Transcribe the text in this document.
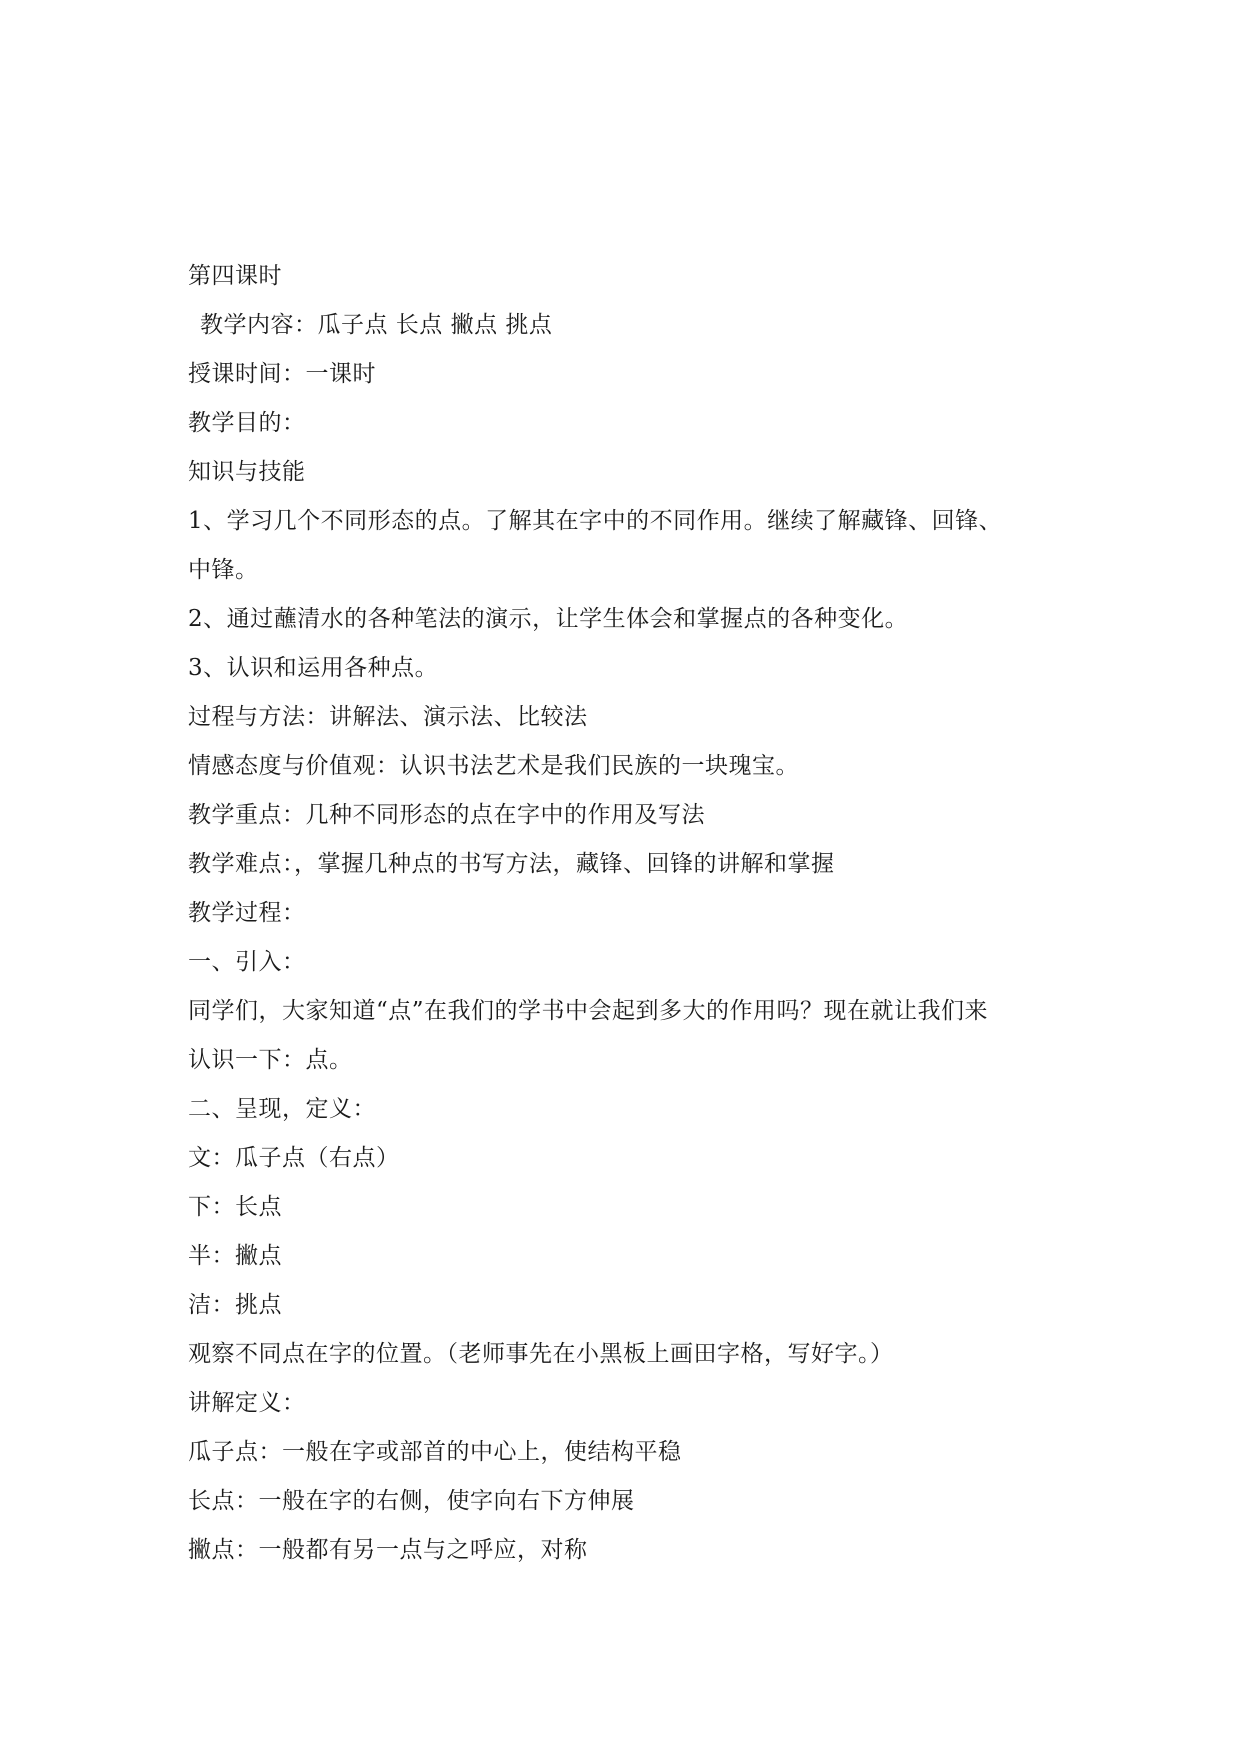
第四课时
教学内容：瓜子点 长点 撇点 挑点
授课时间：一课时
教学目的：
知识与技能
1、学习几个不同形态的点。了解其在字中的不同作用。继续了解藏锋、回锋、
中锋。
2、通过蘸清水的各种笔法的演示，让学生体会和掌握点的各种变化。
3、认识和运用各种点。
过程与方法：讲解法、演示法、比较法
情感态度与价值观：认识书法艺术是我们民族的一块瑰宝。
教学重点：几种不同形态的点在字中的作用及写法
教学难点：，掌握几种点的书写方法，藏锋、回锋的讲解和掌握
教学过程：
一、引入：
同学们，大家知道“点”在我们的学书中会起到多大的作用吗？现在就让我们来
认识一下：点。
二、呈现，定义：
文：瓜子点（右点）
下：长点
半：撇点
洁：挑点
观察不同点在字的位置。（老师事先在小黑板上画田字格，写好字。）
讲解定义：
瓜子点：一般在字或部首的中心上，使结构平稳
长点：一般在字的右侧，使字向右下方伸展
撇点：一般都有另一点与之呼应，对称
